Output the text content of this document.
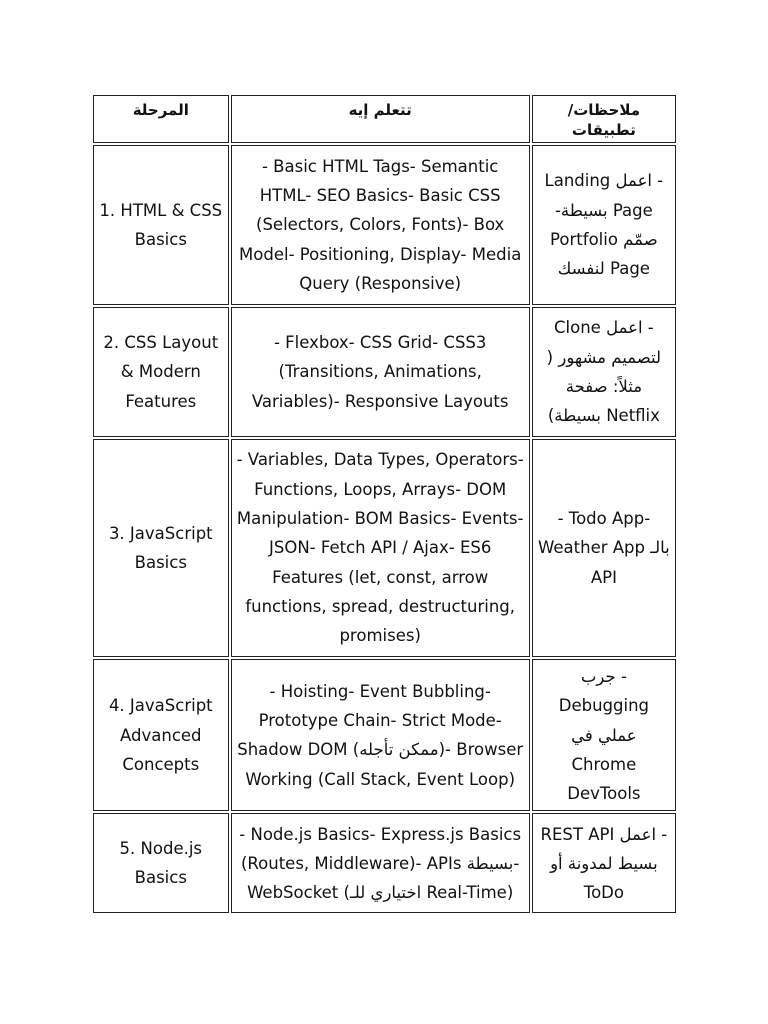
المرحلة	تتعلم إيه	ملاحظات/تطبيقات
1. HTML & CSS Basics	- Basic HTML Tags- Semantic HTML- SEO Basics- Basic CSS (Selectors, Colors, Fonts)- Box Model- Positioning, Display- Media Query (Responsive)	- اعمل Landing Page بسيطة- صمّم Portfolio Page لنفسك
2. CSS Layout & Modern Features	- Flexbox- CSS Grid- CSS3 (Transitions, Animations, Variables)- Responsive Layouts	- اعمل Clone لتصميم مشهور ( مثلاً: صفحة Netflix بسيطة)
3. JavaScript Basics	- Variables, Data Types, Operators- Functions, Loops, Arrays- DOM Manipulation- BOM Basics- Events- JSON- Fetch API / Ajax- ES6 Features (let, const, arrow functions, spread, destructuring, promises)	- Todo App- Weather App بالـ API
4. JavaScript Advanced Concepts	- Hoisting- Event Bubbling- Prototype Chain- Strict Mode- Shadow DOM (ممكن تأجله)- Browser Working (Call Stack, Event Loop)	- جرب Debugging عملي في Chrome DevTools
5. Node.js Basics	- Node.js Basics- Express.js Basics (Routes, Middleware)- APIs بسيطة- WebSocket (اختياري للـ Real-Time)	- اعمل REST API بسيط لمدونة أو ToDo
